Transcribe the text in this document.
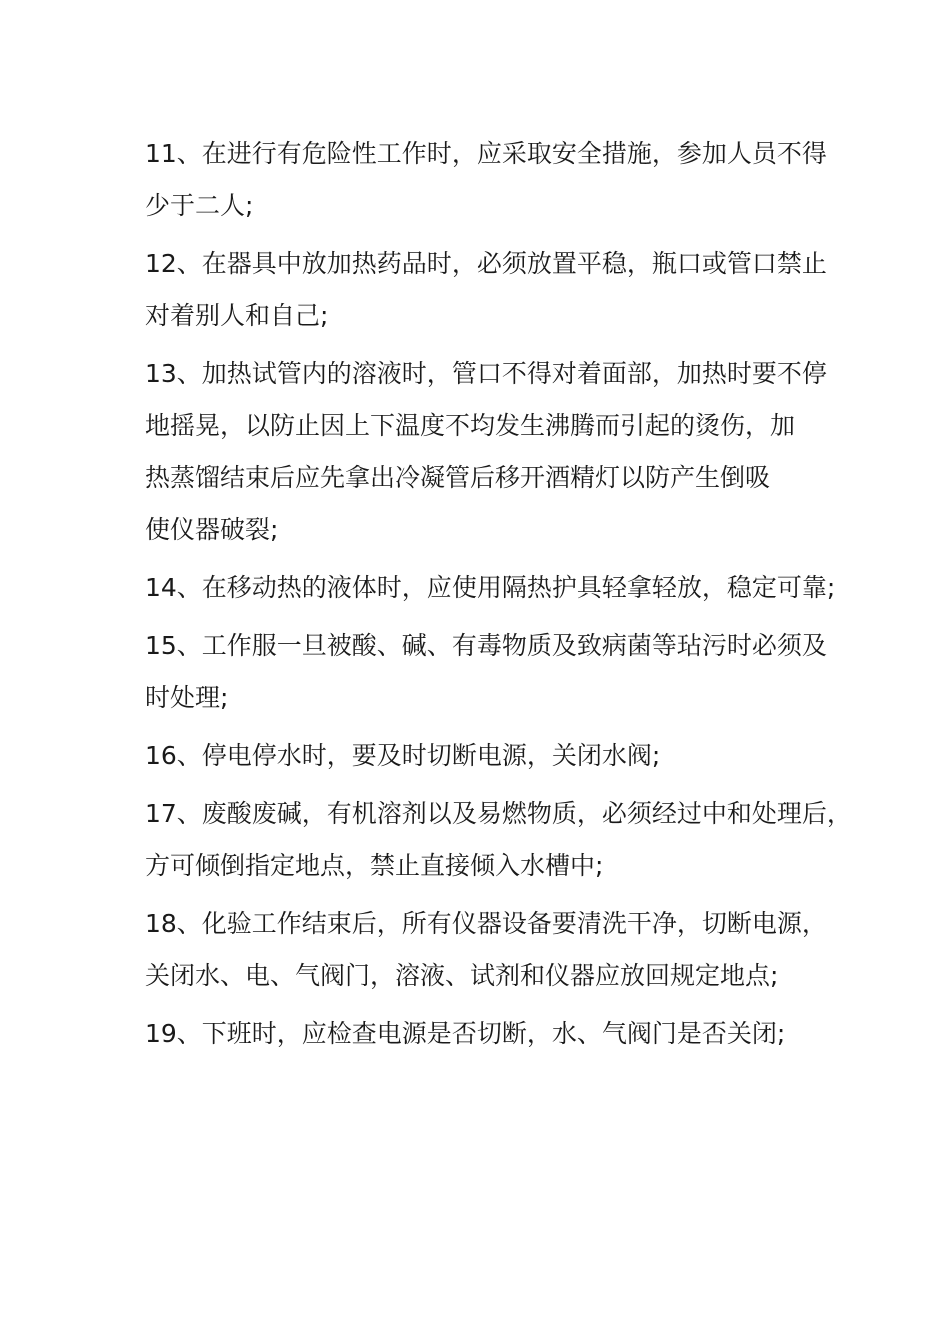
11、在进行有危险性工作时，应采取安全措施，参加人员不得
少于二人;
12、在器具中放加热药品时，必须放置平稳，瓶口或管口禁止
对着别人和自己;
13、加热试管内的溶液时，管口不得对着面部，加热时要不停
地摇晃，以防止因上下温度不均发生沸腾而引起的烫伤，加
热蒸馏结束后应先拿出冷凝管后移开酒精灯以防产生倒吸
使仪器破裂;
14、在移动热的液体时，应使用隔热护具轻拿轻放，稳定可靠;
15、工作服一旦被酸、碱、有毒物质及致病菌等玷污时必须及
时处理;
16、停电停水时，要及时切断电源，关闭水阀;
17、废酸废碱，有机溶剂以及易燃物质，必须经过中和处理后，
方可倾倒指定地点，禁止直接倾入水槽中;
18、化验工作结束后，所有仪器设备要清洗干净，切断电源，
关闭水、电、气阀门，溶液、试剂和仪器应放回规定地点;
19、下班时，应检查电源是否切断，水、气阀门是否关闭;
